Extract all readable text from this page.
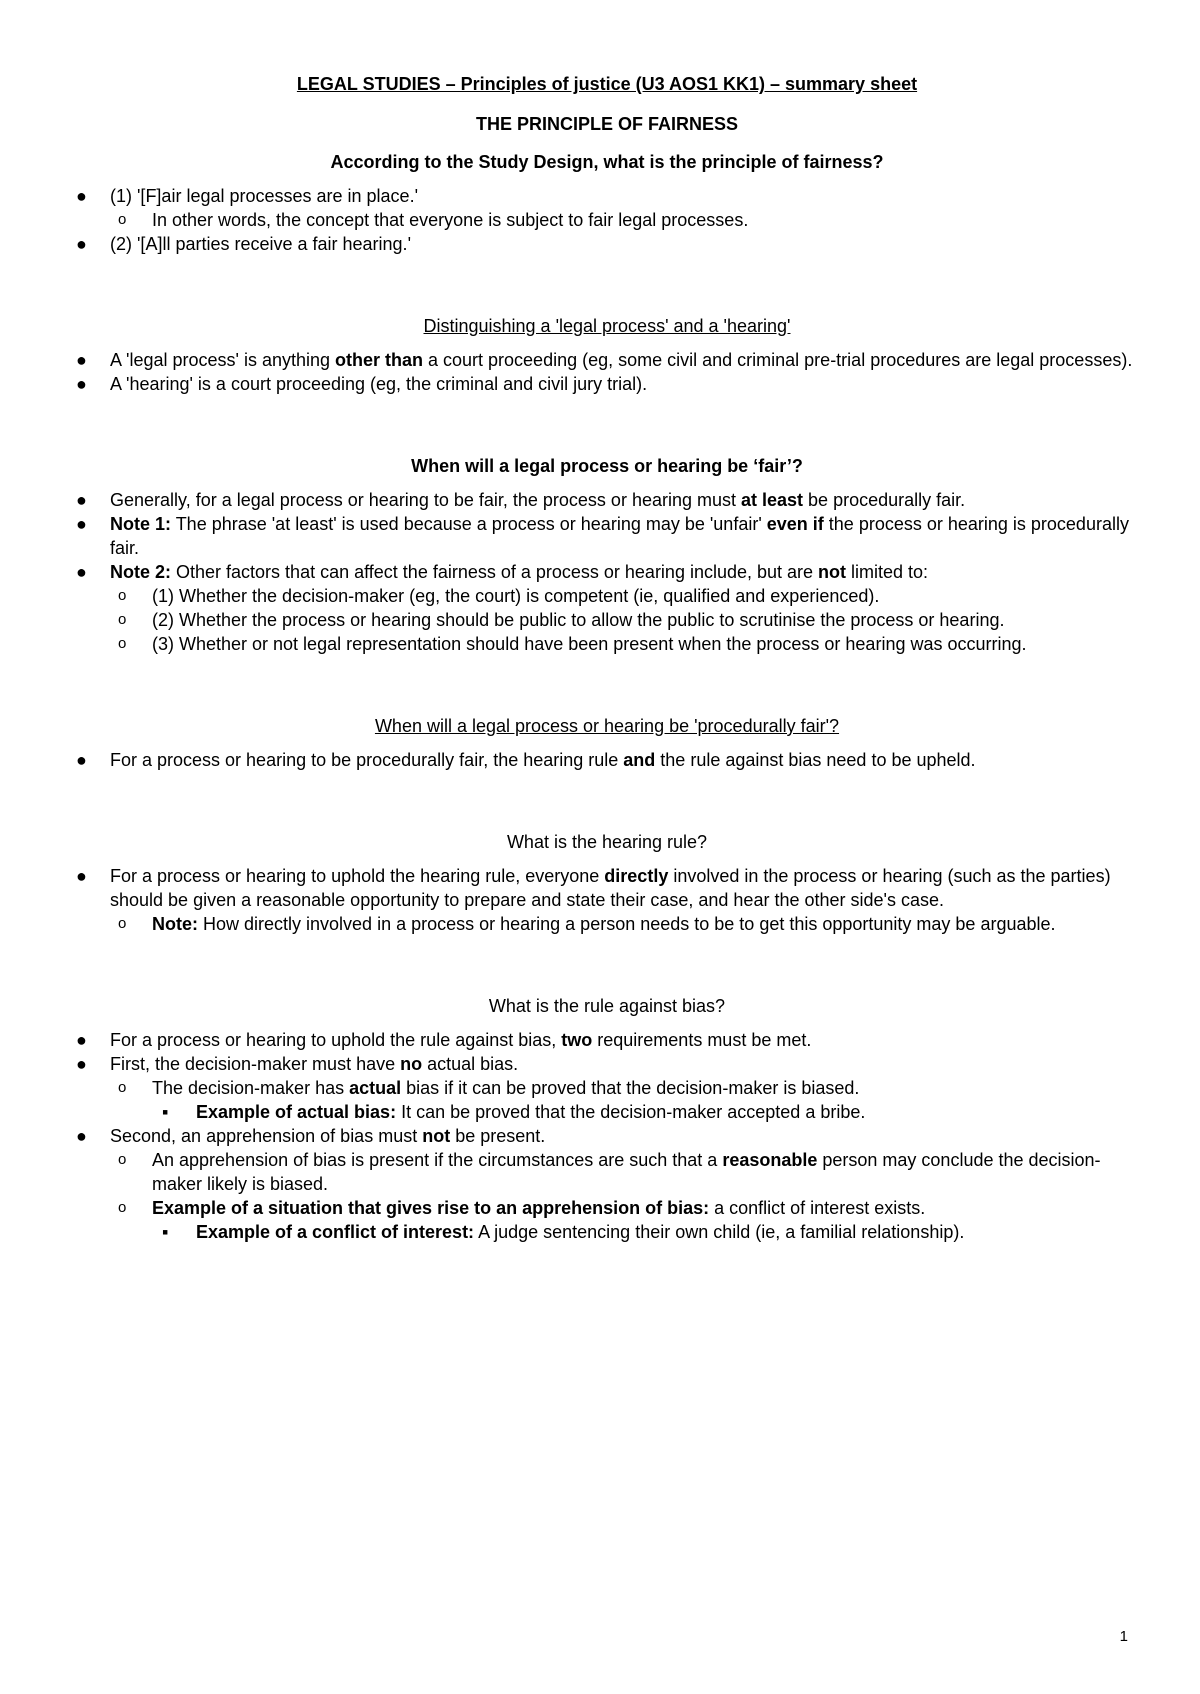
LEGAL STUDIES – Principles of justice (U3 AOS1 KK1) – summary sheet
THE PRINCIPLE OF FAIRNESS
According to the Study Design, what is the principle of fairness?
● (1) '[F]air legal processes are in place.'
o In other words, the concept that everyone is subject to fair legal processes.
● (2) '[A]ll parties receive a fair hearing.'
Distinguishing a 'legal process' and a 'hearing'
● A 'legal process' is anything other than a court proceeding (eg, some civil and criminal pre-trial procedures are legal processes).
● A 'hearing' is a court proceeding (eg, the criminal and civil jury trial).
When will a legal process or hearing be ‘fair’?
● Generally, for a legal process or hearing to be fair, the process or hearing must at least be procedurally fair.
● Note 1: The phrase 'at least' is used because a process or hearing may be 'unfair' even if the process or hearing is procedurally fair.
● Note 2: Other factors that can affect the fairness of a process or hearing include, but are not limited to:
o (1) Whether the decision-maker (eg, the court) is competent (ie, qualified and experienced).
o (2) Whether the process or hearing should be public to allow the public to scrutinise the process or hearing.
o (3) Whether or not legal representation should have been present when the process or hearing was occurring.
When will a legal process or hearing be 'procedurally fair'?
● For a process or hearing to be procedurally fair, the hearing rule and the rule against bias need to be upheld.
What is the hearing rule?
● For a process or hearing to uphold the hearing rule, everyone directly involved in the process or hearing (such as the parties) should be given a reasonable opportunity to prepare and state their case, and hear the other side's case.
o Note: How directly involved in a process or hearing a person needs to be to get this opportunity may be arguable.
What is the rule against bias?
● For a process or hearing to uphold the rule against bias, two requirements must be met.
● First, the decision-maker must have no actual bias.
o The decision-maker has actual bias if it can be proved that the decision-maker is biased.
▪ Example of actual bias: It can be proved that the decision-maker accepted a bribe.
● Second, an apprehension of bias must not be present.
o An apprehension of bias is present if the circumstances are such that a reasonable person may conclude the decision-maker likely is biased.
o Example of a situation that gives rise to an apprehension of bias: a conflict of interest exists.
▪ Example of a conflict of interest: A judge sentencing their own child (ie, a familial relationship).
1
